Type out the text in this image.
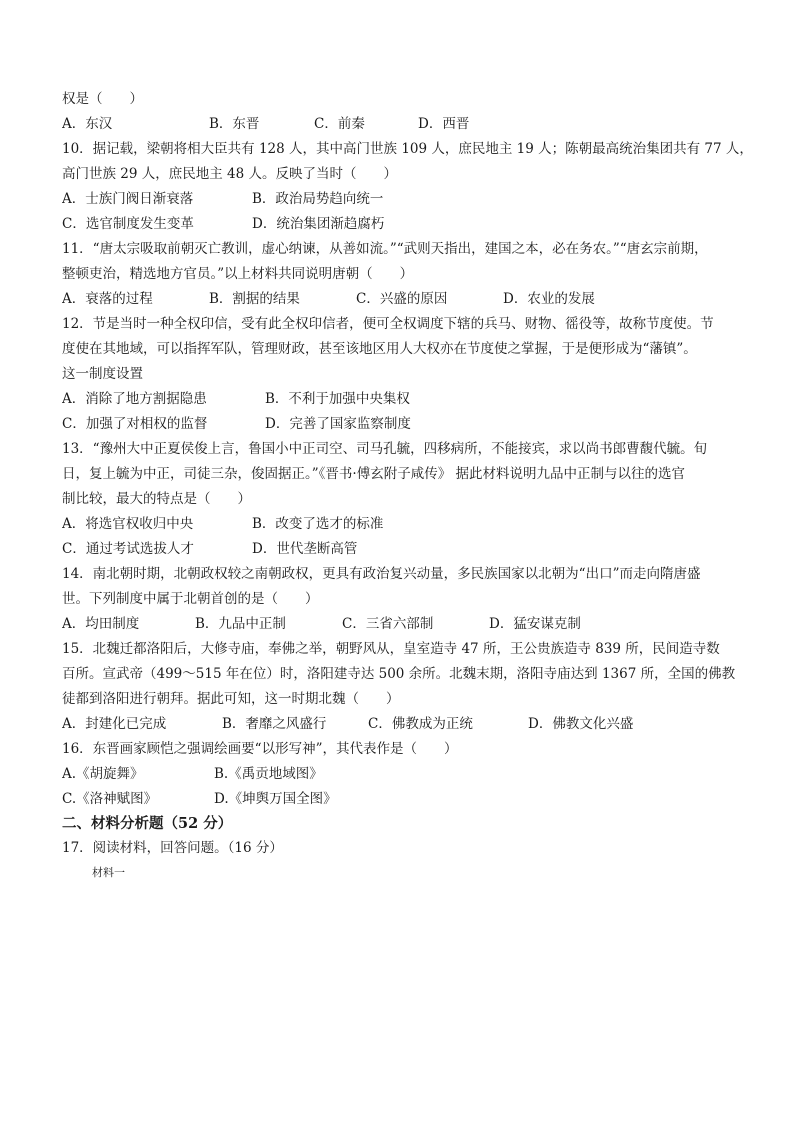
权是（　　）
A．东汉	B．东晋	C．前秦	D．西晋
10．据记载，梁朝将相大臣共有 128 人，其中高门世族 109 人，庶民地主 19 人；陈朝最高统治集团共有 77 人，
高门世族 29 人，庶民地主 48 人。反映了当时（　　）
A．士族门阀日渐衰落	B．政治局势趋向统一
C．选官制度发生变革	D．统治集团渐趋腐朽
11．“唐太宗吸取前朝灭亡教训，虚心纳谏，从善如流。”“武则天指出，建国之本，必在务农。”“唐玄宗前期，
整顿吏治，精选地方官员。”以上材料共同说明唐朝（　　）
A．衰落的过程	B．割据的结果	C．兴盛的原因	D．农业的发展
12．节是当时一种全权印信，受有此全权印信者，便可全权调度下辖的兵马、财物、徭役等，故称节度使。节
度使在其地域，可以指挥军队，管理财政，甚至该地区用人大权亦在节度使之掌握，于是便形成为“藩镇”。
这一制度设置
A．消除了地方割据隐患	B．不利于加强中央集权
C．加强了对相权的监督	D．完善了国家监察制度
13．“豫州大中正夏侯俊上言，鲁国小中正司空、司马孔毓，四移病所，不能接宾，求以尚书郎曹馥代毓。旬
日，复上毓为中正，司徒三杂，俊固据正。”《晋书·傅玄附子咸传》 据此材料说明九品中正制与以往的选官
制比较，最大的特点是（　　）
A．将选官权收归中央	B．改变了选才的标准
C．通过考试选拔人才	D．世代垄断高管
14．南北朝时期，北朝政权较之南朝政权，更具有政治复兴动量，多民族国家以北朝为“出口”而走向隋唐盛
世。下列制度中属于北朝首创的是（　　）
A．均田制度	B．九品中正制	C．三省六部制	D．猛安谋克制
15．北魏迁都洛阳后，大修寺庙，奉佛之举，朝野风从，皇室造寺 47 所，王公贵族造寺 839 所，民间造寺数
百所。宣武帝（499～515 年在位）时，洛阳建寺达 500 余所。北魏末期，洛阳寺庙达到 1367 所，全国的佛教
徒都到洛阳进行朝拜。据此可知，这一时期北魏（　　）
A．封建化已完成	B．奢靡之风盛行	C．佛教成为正统	D．佛教文化兴盛
16．东晋画家顾恺之强调绘画要“以形写神”，其代表作是（　　）
A.《胡旋舞》	B.《禹贡地域图》
C.《洛神赋图》	D.《坤舆万国全图》
二、材料分析题（52 分）
17．阅读材料，回答问题。（16 分）
材料一
